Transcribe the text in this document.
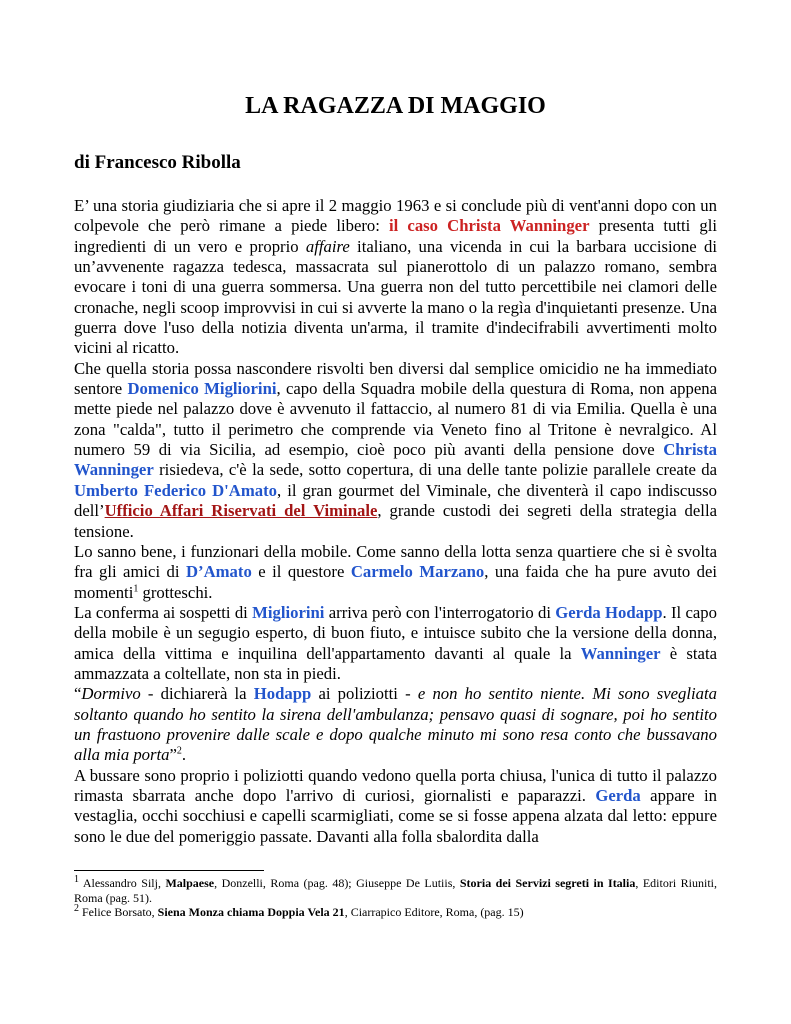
LA RAGAZZA DI MAGGIO

di Francesco Ribolla

E’ una storia giudiziaria che si apre il 2 maggio 1963 e si conclude più di vent'anni dopo con un colpevole che però rimane a piede libero: il caso Christa Wanninger presenta tutti gli ingredienti di un vero e proprio affaire italiano, una vicenda in cui la barbara uccisione di un’avvenente ragazza tedesca, massacrata sul pianerottolo di un palazzo romano, sembra evocare i toni di una guerra sommersa. Una guerra non del tutto percettibile nei clamori delle cronache, negli scoop improvvisi in cui si avverte la mano o la regìa d'inquietanti presenze. Una guerra dove l'uso della notizia diventa un'arma, il tramite d'indecifrabili avvertimenti molto vicini al ricatto.

Che quella storia possa nascondere risvolti ben diversi dal semplice omicidio ne ha immediato sentore Domenico Migliorini, capo della Squadra mobile della questura di Roma, non appena mette piede nel palazzo dove è avvenuto il fattaccio, al numero 81 di via Emilia. Quella è una zona "calda", tutto il perimetro che comprende via Veneto fino al Tritone è nevralgico. Al numero 59 di via Sicilia, ad esempio, cioè poco più avanti della pensione dove Christa Wanninger risiedeva, c'è la sede, sotto copertura, di una delle tante polizie parallele create da Umberto Federico D'Amato, il gran gourmet del Viminale, che diventerà il capo indiscusso dell’Ufficio Affari Riservati del Viminale, grande custodi dei segreti della strategia della tensione.

Lo sanno bene, i funzionari della mobile. Come sanno della lotta senza quartiere che si è svolta fra gli amici di D’Amato e il questore Carmelo Marzano, una faida che ha pure avuto dei momenti$^1$ grotteschi.

La conferma ai sospetti di Migliorini arriva però con l'interrogatorio di Gerda Hodapp. Il capo della mobile è un segugio esperto, di buon fiuto, e intuisce subito che la versione della donna, amica della vittima e inquilina dell'appartamento davanti al quale la Wanninger è stata ammazzata a coltellate, non sta in piedi.

“Dormivo - dichiarerà la Hodapp ai poliziotti - e non ho sentito niente. Mi sono svegliata soltanto quando ho sentito la sirena dell'ambulanza; pensavo quasi di sognare, poi ho sentito un frastuono provenire dalle scale e dopo qualche minuto mi sono resa conto che bussavano alla mia porta”$^2$.

A bussare sono proprio i poliziotti quando vedono quella porta chiusa, l'unica di tutto il palazzo rimasta sbarrata anche dopo l'arrivo di curiosi, giornalisti e paparazzi. Gerda appare in vestaglia, occhi socchiusi e capelli scarmigliati, come se si fosse appena alzata dal letto: eppure sono le due del pomeriggio passate. Davanti alla folla sbalordita dalla

$^1$ Alessandro Silj, Malpaese, Donzelli, Roma (pag. 48); Giuseppe De Lutiis, Storia dei Servizi segreti in Italia, Editori Riuniti, Roma (pag. 51).

$^2$ Felice Borsato, Siena Monza chiama Doppia Vela 21, Ciarrapico Editore, Roma, (pag. 15)
